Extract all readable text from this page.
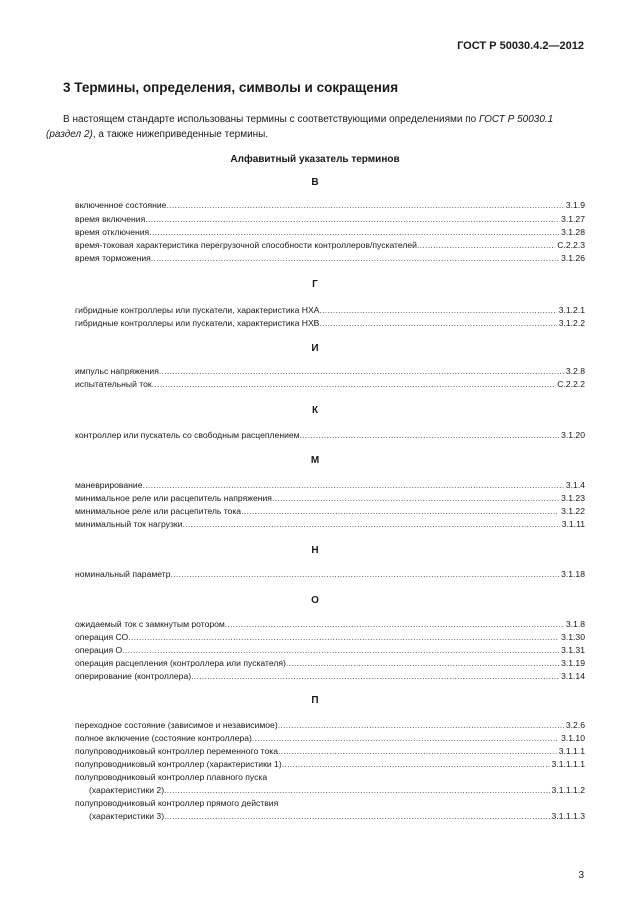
ГОСТ Р 50030.4.2—2012
3 Термины, определения, символы и сокращения

В настоящем стандарте использованы термины с соответствующими определениями по ГОСТ Р 50030.1 (раздел 2), а также нижеприведенные термины.

Алфавитный указатель терминов
В
включенное состояние .....	3.1.9
время включения .....	3.1.27
время отключения .....	3.1.28
время-токовая характеристика перегрузочной способности контроллеров/пускателей .....	C.2.2.3
время торможения .....	3.1.26
Г
гибридные контроллеры или пускатели, характеристика НХА .....	3.1.2.1
гибридные контроллеры или пускатели, характеристика НХВ .....	3.1.2.2
И
импульс напряжения .....	3.2.8
испытательный ток .....	C.2.2.2
К
контроллер или пускатель со свободным расцеплением .....	3.1.20
М
маневрирование .....	3.1.4
минимальное реле или расцепитель напряжения .....	3.1.23
минимальное реле или расцепитель тока .....	3.1.22
минимальный ток нагрузки .....	3.1.11
Н
номинальный параметр .....	3.1.18
О
ожидаемый ток с замкнутым ротором .....	3.1.8
операция СО .....	3.1.30
операция О .....	3.1.31
операция расцепления (контроллера или пускателя) .....	3.1.19
оперирование (контроллера) .....	3.1.14
П
переходное состояние (зависимое и независимое) .....	3.2.6
полное включение (состояние контроллера) .....	3.1.10
полупроводниковый контроллер переменного тока .....	3.1.1.1
полупроводниковый контроллер (характеристики 1) .....	3.1.1.1.1
полупроводниковый контроллер плавного пуска
(характеристики 2) .....	3.1.1.1.2
полупроводниковый контроллер прямого действия
(характеристики 3) .....	3.1.1.1.3
3
